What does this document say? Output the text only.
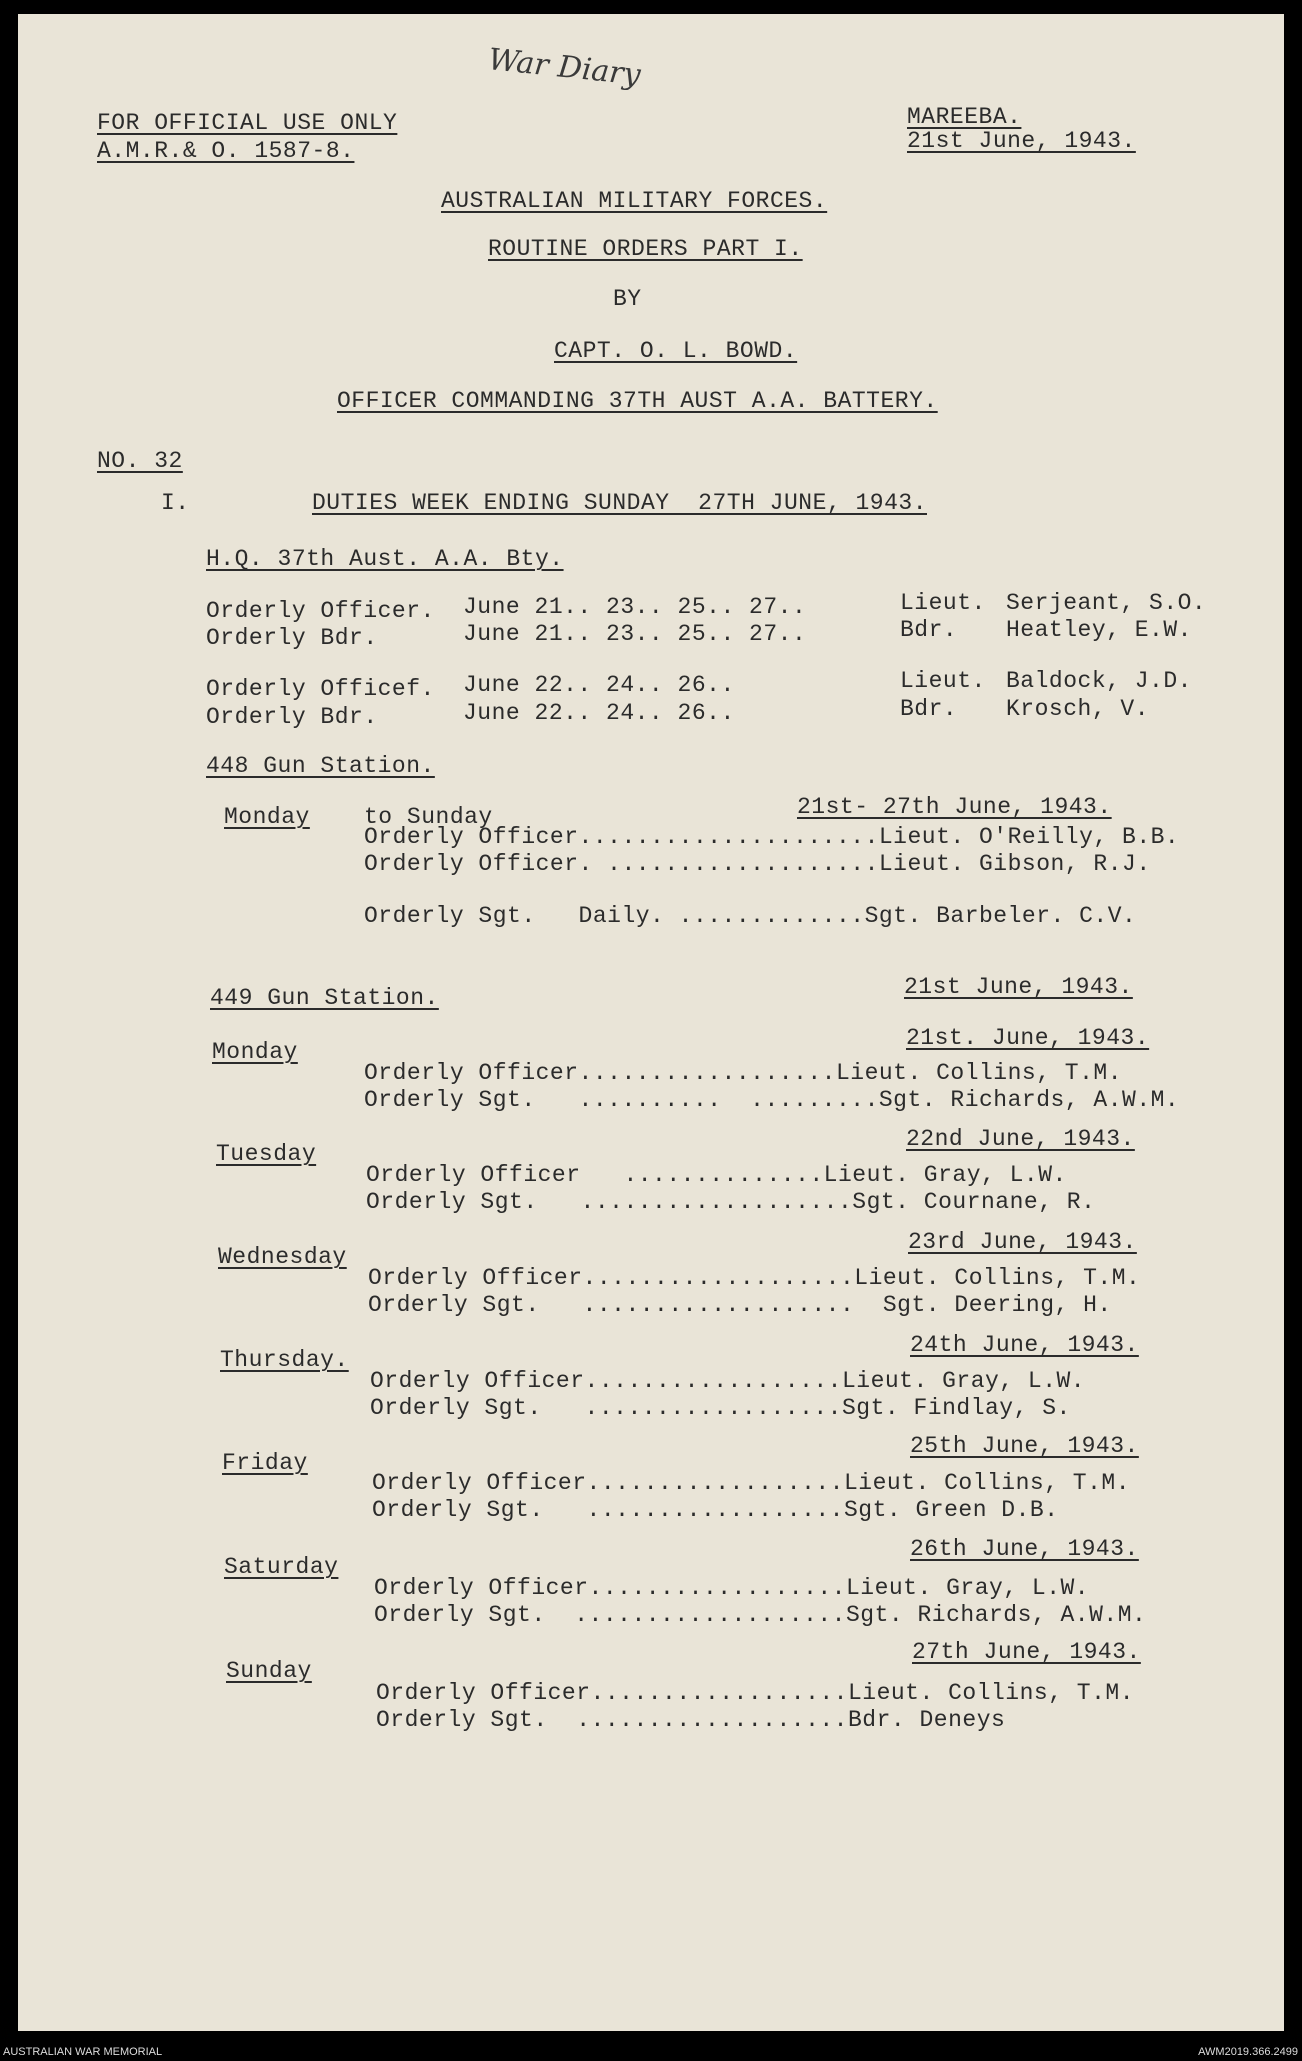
War Diary
FOR OFFICIAL USE ONLY
A.M.R.& O. 1587-8.
MAREEBA.
21st June, 1943.
AUSTRALIAN MILITARY FORCES.
ROUTINE ORDERS PART I.
BY
CAPT. O. L. BOWD.
OFFICER COMMANDING 37TH AUST A.A. BATTERY.
NO. 32
I.	DUTIES WEEK ENDING SUNDAY  27TH JUNE, 1943.
H.Q. 37th Aust. A.A. Bty.
Orderly Officer. June 21.. 23.. 25.. 27..	Lieut. Serjeant, S.O.
Orderly Bdr.	June 21.. 23.. 25.. 27..	Bdr. Heatley, E.W.
Orderly Officef. June 22.. 24.. 26..	Lieut. Baldock, J.D.
Orderly Bdr.	June 22.. 24.. 26..	Bdr. Krosch, V.
448 Gun Station.
Monday to Sunday	21st- 27th June, 1943.
Orderly Officer.....................Lieut. O'Reilly, B.B.
Orderly Officer. ...................Lieut. Gibson, R.J.
Orderly Sgt.   Daily. .............Sgt. Barbeler. C.V.
449 Gun Station.	21st June, 1943.
Monday
21st. June, 1943.
Orderly Officer..................Lieut. Collins, T.M.
Orderly Sgt.   ..........  .........Sgt. Richards, A.W.M.
Tuesday
22nd June, 1943.
Orderly Officer   ..............Lieut. Gray, L.W.
Orderly Sgt.   ...................Sgt. Cournane, R.
Wednesday
23rd June, 1943.
Orderly Officer...................Lieut. Collins, T.M.
Orderly Sgt.   ...................  Sgt. Deering, H.
Thursday.
24th June, 1943.
Orderly Officer..................Lieut. Gray, L.W.
Orderly Sgt.   ..................Sgt. Findlay, S.
Friday
25th June, 1943.
Orderly Officer..................Lieut. Collins, T.M.
Orderly Sgt.   ..................Sgt. Green D.B.
Saturday
26th June, 1943.
Orderly Officer..................Lieut. Gray, L.W.
Orderly Sgt.  ...................Sgt. Richards, A.W.M.
Sunday
27th June, 1943.
Orderly Officer..................Lieut. Collins, T.M.
Orderly Sgt.  ...................Bdr. Deneys
AUSTRALIAN WAR MEMORIAL	AWM2019.366.2499
